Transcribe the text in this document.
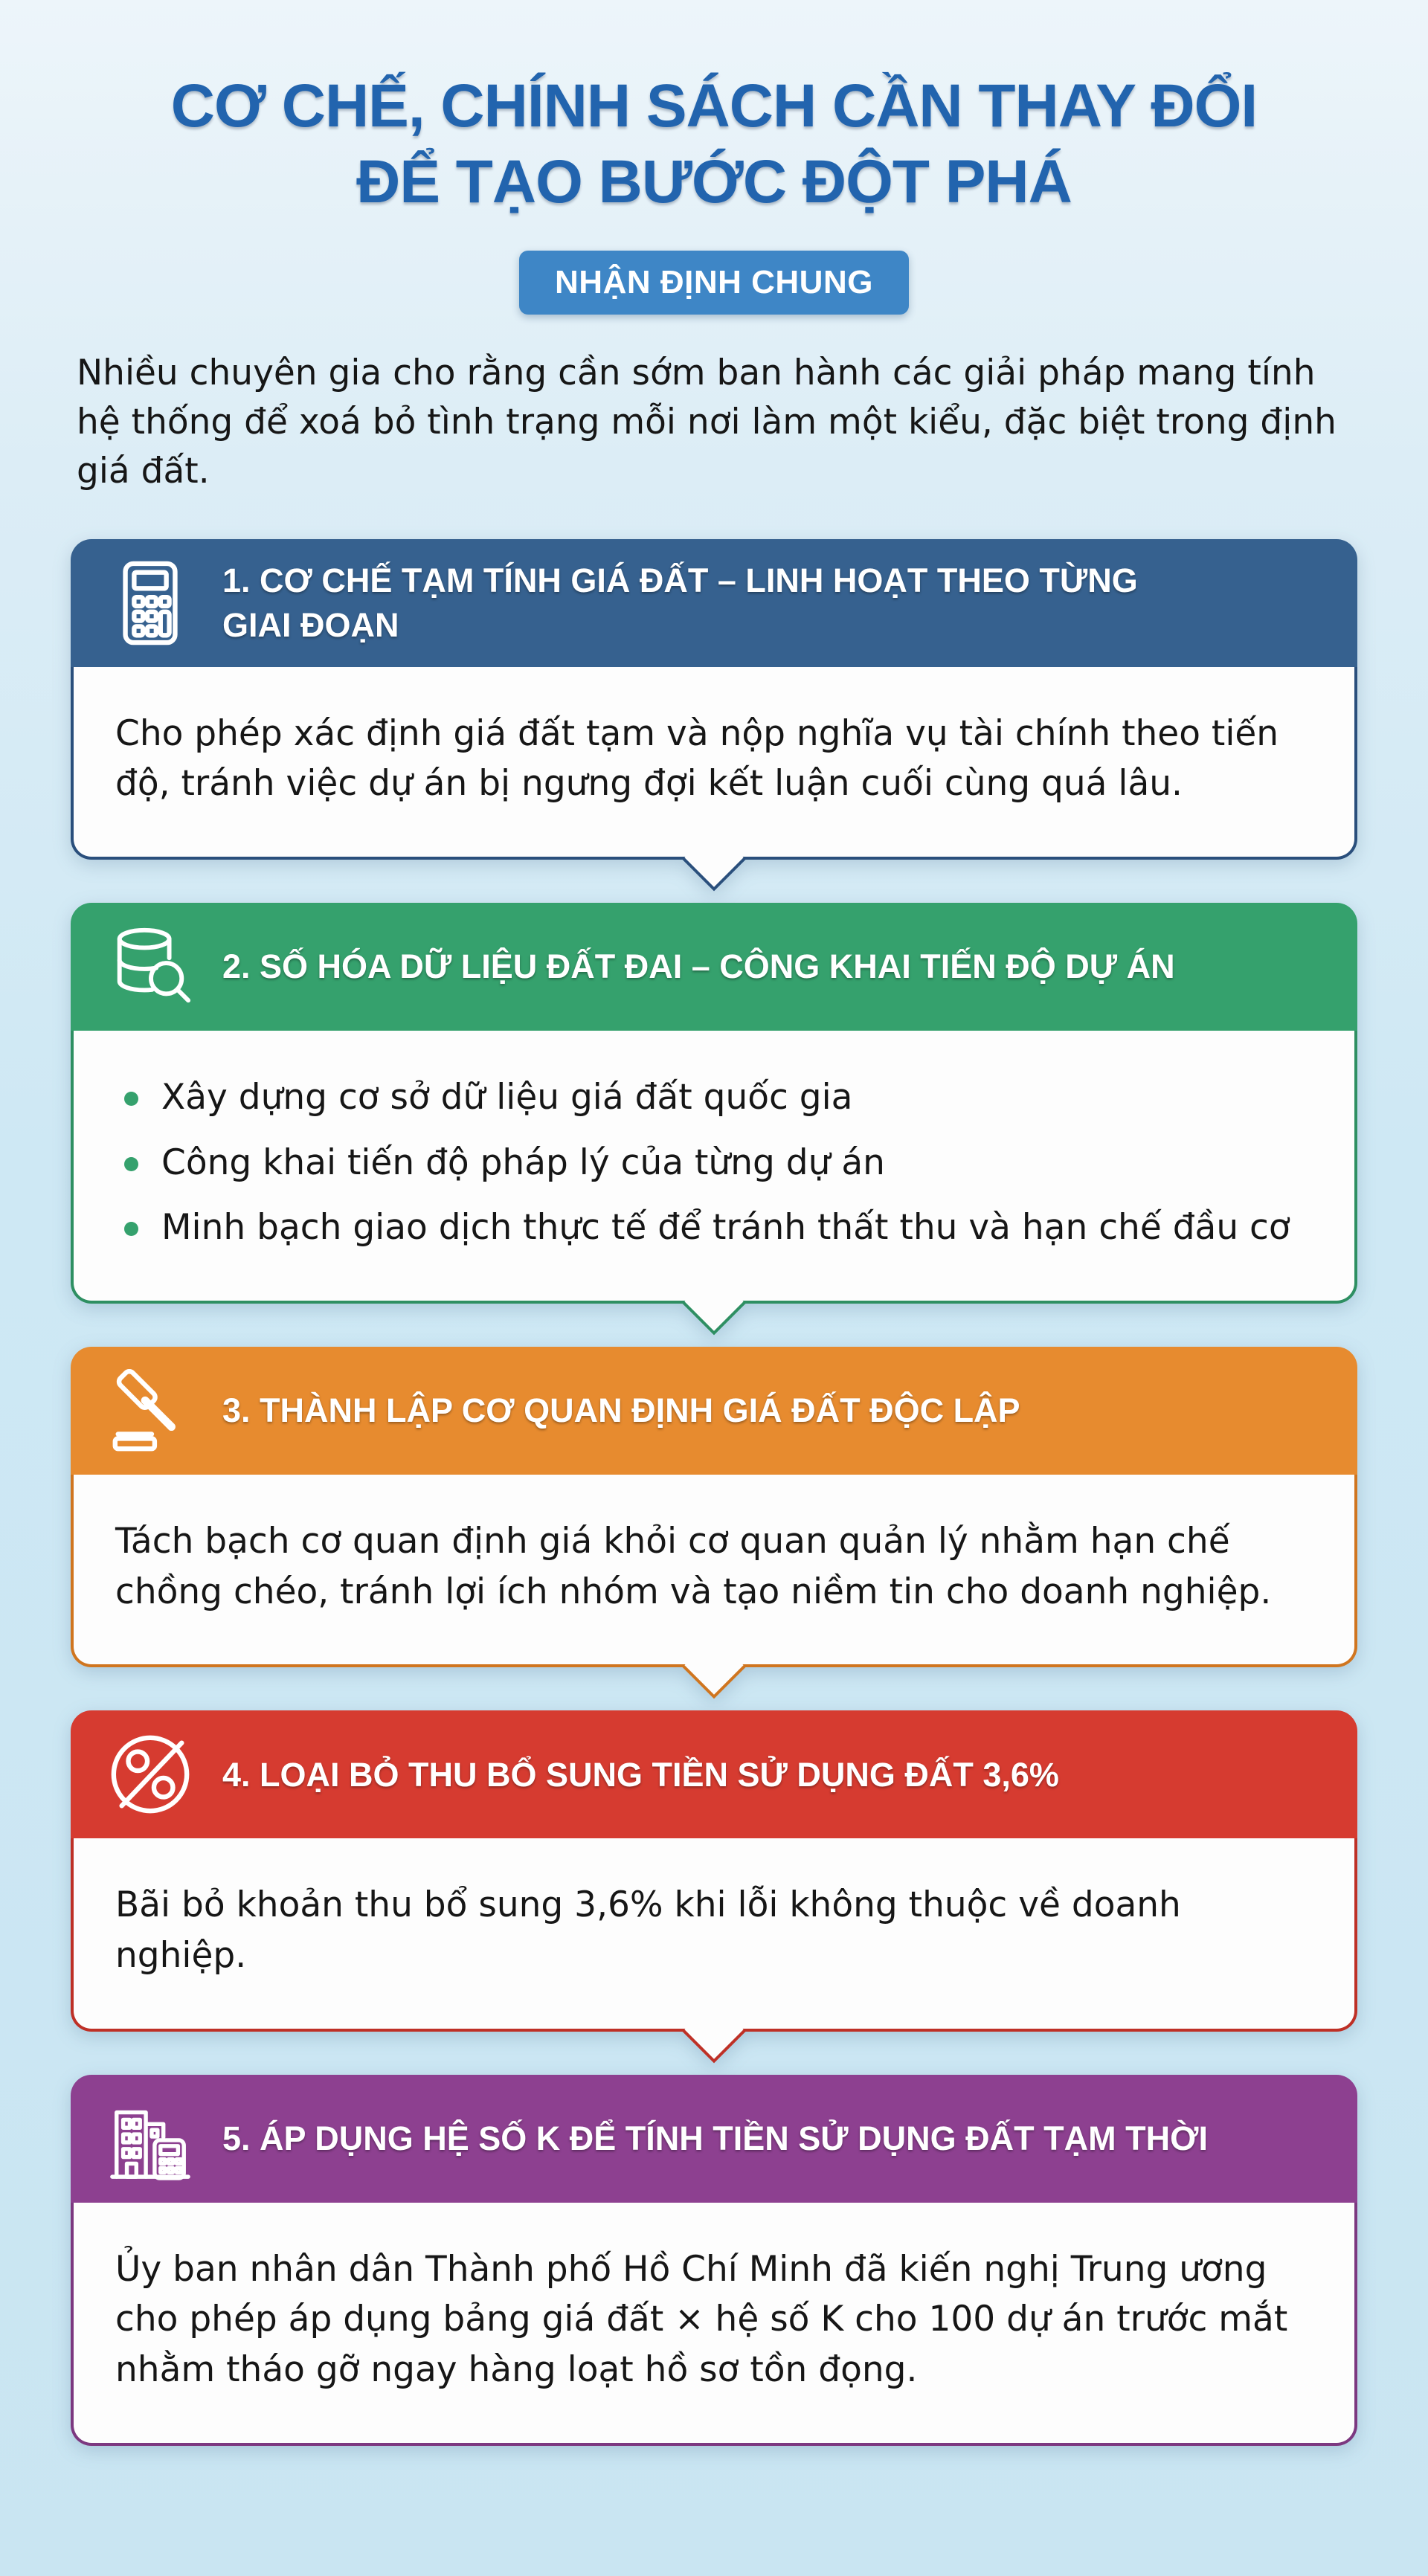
CƠ CHẾ, CHÍNH SÁCH CẦN THAY ĐỔI
ĐỂ TẠO BƯỚC ĐỘT PHÁ
NHẬN ĐỊNH CHUNG

Nhiều chuyên gia cho rằng cần sớm ban hành các giải pháp mang tính hệ thống để xoá bỏ tình trạng mỗi nơi làm một kiểu, đặc biệt trong định giá đất.

1. CƠ CHẾ TẠM TÍNH GIÁ ĐẤT – LINH HOẠT THEO TỪNG GIAI ĐOẠN
Cho phép xác định giá đất tạm và nộp nghĩa vụ tài chính theo tiến độ, tránh việc dự án bị ngưng đợi kết luận cuối cùng quá lâu.
2. SỐ HÓA DỮ LIỆU ĐẤT ĐAI – CÔNG KHAI TIẾN ĐỘ DỰ ÁN
Xây dựng cơ sở dữ liệu giá đất quốc gia
Công khai tiến độ pháp lý của từng dự án
Minh bạch giao dịch thực tế để tránh thất thu và hạn chế đầu cơ
3. THÀNH LẬP CƠ QUAN ĐỊNH GIÁ ĐẤT ĐỘC LẬP
Tách bạch cơ quan định giá khỏi cơ quan quản lý nhằm hạn chế chồng chéo, tránh lợi ích nhóm và tạo niềm tin cho doanh nghiệp.
4. LOẠI BỎ THU BỔ SUNG TIỀN SỬ DỤNG ĐẤT 3,6%
Bãi bỏ khoản thu bổ sung 3,6% khi lỗi không thuộc về doanh nghiệp.
5. ÁP DỤNG HỆ SỐ K ĐỂ TÍNH TIỀN SỬ DỤNG ĐẤT TẠM THỜI
Ủy ban nhân dân Thành phố Hồ Chí Minh đã kiến nghị Trung ương cho phép áp dụng bảng giá đất × hệ số K cho 100 dự án trước mắt nhằm tháo gỡ ngay hàng loạt hồ sơ tồn đọng.
